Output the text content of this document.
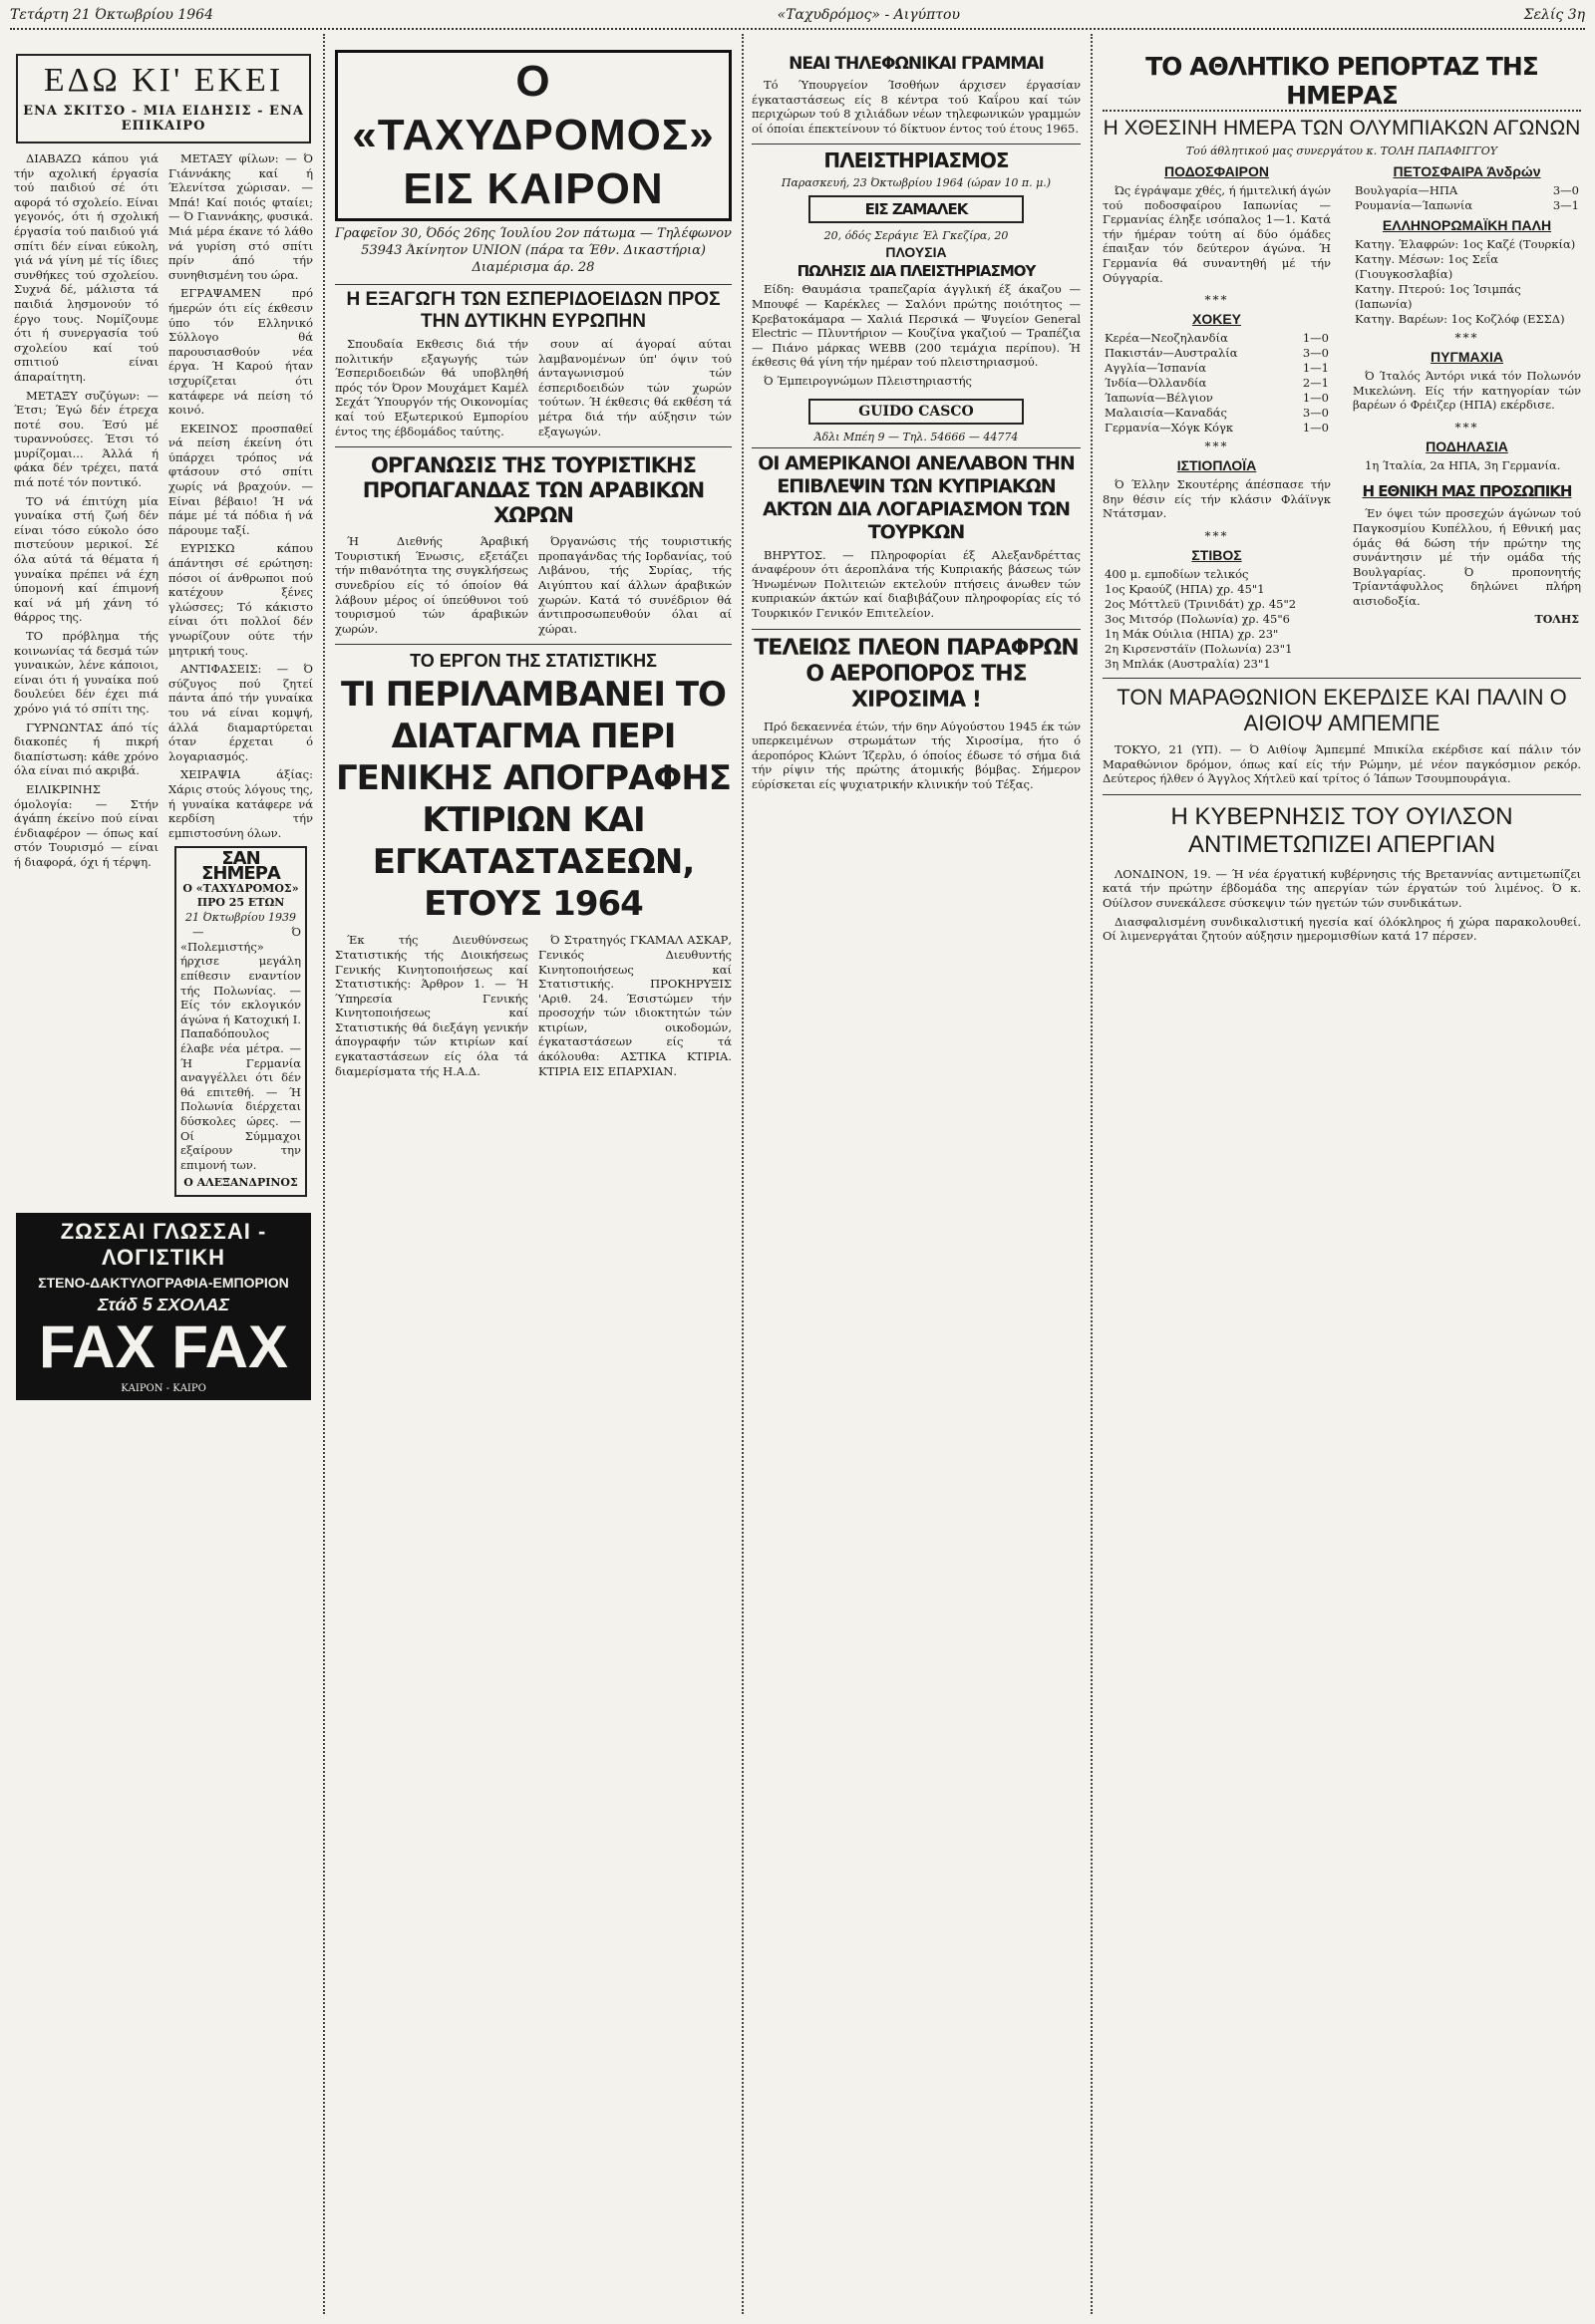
Τετάρτη 21 Όκτωβρίου 1964	«Ταχυδρόμος» - Αιγύπτου	Σελίς 3η
ΕΔΩ ΚΙ' ΕΚΕΙ
ΕΝΑ ΣΚΙΤΣΟ - ΜΙΑ ΕΙΔΗΣΙΣ - ΕΝΑ ΕΠΙΚΑΙΡΟ

ΔΙΑΒΑΖΩ κάπου γιά τήν αχολική έργασία τού παιδιού σέ ότι αφορά τό σχολείο. Είναι γεγονός, ότι ή σχολική έργασία τού παιδιού γιά σπίτι δέν είναι εύκολη, γιά νά γίνη μέ τίς ίδιες συνθήκες τού σχολείου. Συχνά δέ, μάλιστα τά παιδιά λησμονούν τό έργο τους. Νομίζουμε ότι ή συνεργασία τού σχολείου καί τού σπιτιού είναι άπαραίτητη.

ΜΕΤΑΞΥ συζύγων: — Έτσι; Έγώ δέν έτρεχα ποτέ σου. Έσύ μέ τυραννούσες. Έτσι τό μυρίζομαι... Άλλά ή φάκα δέν τρέχει, πατά πιά ποτέ τόν ποντικό.

ΤΟ νά έπιτύχη μία γυναίκα στή ζωή δέν είναι τόσο εύκολο όσο πιστεύουν μερικοί. Σέ όλα αύτά τά θέματα ή γυναίκα πρέπει νά έχη ύπομονή καί έπιμονή καί νά μή χάνη τό θάρρος της.

ΤΟ πρόβλημα τής κοινωνίας τά δεσμά τών γυναικών, λένε κάποιοι, είναι ότι ή γυναίκα πού δουλεύει δέν έχει πιά χρόνο γιά τό σπίτι της.

ΓΥΡΝΩΝΤΑΣ άπό τίς διακοπές ή πικρή διαπίστωση: κάθε χρόνο όλα είναι πιό ακριβά.

ΕΙΛΙΚΡΙΝΗΣ όμολογία: — Στήν άγάπη έκείνο πού είναι ένδιαφέρον — όπως καί στόν Τουρισμό — είναι ή διαφορά, όχι ή τέρψη.

ΜΕΤΑΞΥ φίλων: — Ό Γιάννάκης καί ή Έλενίτσα χώρισαν. — Μπά! Καί ποιός φταίει; — Ό Γιαννάκης, φυσικά. Μιά μέρα έκανε τό λάθο νά γυρίση στό σπίτι πρίν άπό τήν συνηθισμένη του ώρα.

ΕΓΡΑΨΑΜΕΝ πρό ήμερών ότι είς έκθεσιν ύπο τόν Ελληνικό Σύλλογο θά παρουσιασθούν νέα έργα. Ή Καρού ήταν ισχυρίζεται ότι κατάφερε νά πείση τό κοινό.

ΕΚΕΙΝΟΣ προσπαθεί νά πείση έκείνη ότι ύπάρχει τρόπος νά φτάσουν στό σπίτι χωρίς νά βραχούν. — Είναι βέβαιο! Ή νά πάμε μέ τά πόδια ή νά πάρουμε ταξί.

ΕΥΡΙΣΚΩ κάπου άπάντησι σέ ερώτηση: πόσοι οί άνθρωποι πού κατέχουν ξένες γλώσσες; Τό κάκιστο είναι ότι πολλοί δέν γνωρίζουν ούτε τήν μητρική τους.

ΑΝΤΙΦΑΣΕΙΣ: — Ό σύζυγος πού ζητεί πάντα άπό τήν γυναίκα του νά είναι κομψή, άλλά διαμαρτύρεται όταν έρχεται ό λογαριασμός.

ΧΕΙΡΑΨΙΑ άξίας: Χάρις στούς λόγους της, ή γυναίκα κατάφερε νά κερδίση τήν εμπιστοσύνη όλων.

ΣΑΝ ΣΗΜΕΡΑ
Ο «ΤΑΧΥΔΡΟΜΟΣ»
ΠΡΟ 25 ΕΤΩΝ
21 Όκτωβρίου 1939

— Ό «Πολεμιστής» ήρχισε μεγάλη επίθεσιν εναντίον τής Πολωνίας. — Είς τόν εκλογικόν άγώνα ή Κατοχική Ι. Παπαδόπουλος έλαβε νέα μέτρα. — Ή Γερμανία αναγγέλλει ότι δέν θά επιτεθή. — Ή Πολωνία διέρχεται δύσκολες ώρες. — Οί Σύμμαχοι εξαίρουν την επιμονή των.

Ο ΑΛΕΞΑΝΔΡΙΝΟΣ
ΖΩΣΣΑΙ ΓΛΩΣΣΑΙ - ΛΟΓΙΣΤΙΚΗ
ΣΤΕΝΟ-ΔΑΚΤΥΛΟΓΡΑΦΙΑ-ΕΜΠΟΡΙΟΝ
Στάδ 5 ΣΧΟΛΑΣ
FAX FAX
ΚΑΙΡΟΝ - ΚΑΙΡΟ
Ο «ΤΑΧΥΔΡΟΜΟΣ» ΕΙΣ ΚΑΙΡΟΝ
Γραφεῖον 30, Όδός 26ης Ίουλίου 2ον πάτωμα — Τηλέφωνον 53943 Άκίνητον UNION (πάρα τα Έθν. Δικαστήρια) Διαμέρισμα άρ. 28
Η ΕΞΑΓΩΓΗ ΤΩΝ ΕΣΠΕΡΙΔΟΕΙΔΩΝ ΠΡΟΣ ΤΗΝ ΔΥΤΙΚΗΝ ΕΥΡΩΠΗΝ

Σπουδαία Εκθεσις διά τήν πολιτικήν εξαγωγής τών Έσπεριδοειδών θά υποβληθή πρός τόν Όρον Μουχάμετ Καμέλ Σεχάτ Ύπουργόν τής Οικονομίας καί τού Εξωτερικού Εμπορίου έντος της έβδομάδος ταύτης.

σουν αί άγοραί αύται λαμβανομένων ύπ' όψιν τού άνταγωνισμού τών έσπεριδοειδών τών χωρών τούτων. Ή έκθεσις θά εκθέση τά μέτρα διά τήν αύξησιν τών εξαγωγών.

ΟΡΓΑΝΩΣΙΣ ΤΗΣ ΤΟΥΡΙΣΤΙΚΗΣ ΠΡΟΠΑΓΑΝΔΑΣ ΤΩΝ ΑΡΑΒΙΚΩΝ ΧΩΡΩΝ

Ή Διεθνής Άραβική Τουριστική Ένωσις, εξετάζει τήν πιθανότητα της συγκλήσεως συνεδρίου είς τό όποίον θά λάβουν μέρος οί ύπεύθυνοι τού τουρισμού τών άραβικών χωρών.

Όργανώσις τής τουριστικής προπαγάνδας τής Ιορδανίας, τού Λιβάνου, τής Συρίας, τής Αιγύπτου καί άλλων άραβικών χωρών. Κατά τό συνέδριον θά άντιπροσωπευθούν όλαι αί χώραι.

ΤΟ ΕΡΓΟΝ ΤΗΣ ΣΤΑΤΙΣΤΙΚΗΣ
ΤΙ ΠΕΡΙΛΑΜΒΑΝΕΙ ΤΟ ΔΙΑΤΑΓΜΑ ΠΕΡΙ ΓΕΝΙΚΗΣ ΑΠΟΓΡΑΦΗΣ ΚΤΙΡΙΩΝ ΚΑΙ ΕΓΚΑΤΑΣΤΑΣΕΩΝ, ΕΤΟΥΣ 1964

Έκ τής Διευθύνσεως Στατιστικής τής Διοικήσεως Γενικής Κινητοποιήσεως καί Στατιστικής: Άρθρον 1. — Ή Ύπηρεσία Γενικής Κινητοποιήσεως καί Στατιστικής θά διεξάγη γενικήν άπογραφήν τών κτιρίων καί εγκαταστάσεων είς όλα τά διαμερίσματα τής Η.Α.Δ.

Ό Στρατηγός ΓΚΑΜΑΛ ΑΣΚΑΡ, Γενικός Διευθυντής Κινητοποιήσεως καί Στατιστικής. ΠΡΟΚΗΡΥΞΙΣ 'Αριθ. 24. Έσιστώμεν τήν προσοχήν τών ιδιοκτητών τών κτιρίων, οικοδομών, έγκαταστάσεων είς τά άκόλουθα: ΑΣΤΙΚΑ ΚΤΙΡΙΑ. ΚΤΙΡΙΑ ΕΙΣ ΕΠΑΡΧΙΑΝ.

ΝΕΑΙ ΤΗΛΕΦΩΝΙΚΑΙ ΓΡΑΜΜΑΙ

Τό Ύπουργείον Ίσοθήων άρχισεν έργασίαν έγκαταστάσεως είς 8 κέντρα τού Καΐρου καί τών περιχώρων τού 8 χιλιάδων νέων τηλεφωνικών γραμμών οί όποίαι έπεκτείνουν τό δίκτυον έντος τού έτους 1965.

ΠΛΕΙΣΤΗΡΙΑΣΜΟΣ
Παρασκευή, 23 Όκτωβρίου 1964 (ώραν 10 π. μ.)
ΕΙΣ ΖΑΜΑΛΕΚ
20, όδός Σεράγιε Έλ Γκεζίρα, 20
ΠΛΟΥΣΙΑ
ΠΩΛΗΣΙΣ ΔΙΑ ΠΛΕΙΣΤΗΡΙΑΣΜΟΥ

Είδη: Θαυμάσια τραπεζαρία άγγλική έξ άκαζου — Μπουφέ — Καρέκλες — Σαλόνι πρώτης ποιότητος — Κρεβατοκάμαρα — Χαλιά Περσικά — Ψυγείον General Electric — Πλυντήριον — Κουζίνα γκαζιού — Τραπέζια — Πιάνο μάρκας WEBB (200 τεμάχια περίπου). Ή έκθεσις θά γίνη τήν ημέραν τού πλειστηριασμού.

Ό Έμπειρογνώμων Πλειστηριαστής

GUIDO CASCO
Άδλι Μπέη 9 — Τηλ. 54666 — 44774
ΟΙ ΑΜΕΡΙΚΑΝΟΙ ΑΝΕΛΑΒΟΝ ΤΗΝ ΕΠΙΒΛΕΨΙΝ ΤΩΝ ΚΥΠΡΙΑΚΩΝ ΑΚΤΩΝ ΔΙΑ ΛΟΓΑΡΙΑΣΜΟΝ ΤΩΝ ΤΟΥΡΚΩΝ

ΒΗΡΥΤΟΣ. — Πληροφορίαι έξ Αλεξανδρέττας άναφέρουν ότι άεροπλάνα τής Κυπριακής βάσεως τών Ήνωμένων Πολιτειών εκτελούν πτήσεις άνωθεν τών κυπριακών άκτών καί διαβιβάζουν πληροφορίας είς τό Τουρκικόν Γενικόν Επιτελείον.

ΤΕΛΕΙΩΣ ΠΛΕΟΝ ΠΑΡΑΦΡΩΝ Ο ΑΕΡΟΠΟΡΟΣ ΤΗΣ ΧΙΡΟΣΙΜΑ !

Πρό δεκαεννέα έτών, τήν 6ην Αύγούστου 1945 έκ τών υπερκειμένων στρωμάτων τής Χιροσίμα, ήτο ό άεροπόρος Κλώντ Ίζερλυ, ό όποίος έδωσε τό σήμα διά τήν ρίψιν τής πρώτης άτομικής βόμβας. Σήμερον εύρίσκεται είς ψυχιατρικήν κλινικήν τού Τέξας.

ΤΟ ΑΘΛΗΤΙΚΟ ΡΕΠΟΡΤΑΖ ΤΗΣ ΗΜΕΡΑΣ
Η ΧΘΕΣΙΝΗ ΗΜΕΡΑ ΤΩΝ ΟΛΥΜΠΙΑΚΩΝ ΑΓΩΝΩΝ
Τού άθλητικού μας συνεργάτου κ. ΤΟΛΗ ΠΑΠΑΦΙΓΓΟΥ
ΠΟΔΟΣΦΑΙΡΟΝ

Ώς έγράψαμε χθές, ή ήμιτελική άγών τού ποδοσφαίρου Ιαπωνίας — Γερμανίας έληξε ισόπαλος 1—1. Κατά τήν ήμέραν τούτη αί δύο όμάδες έπαιξαν τόν δεύτερον άγώνα. Ή Γερμανία θά συναντηθή μέ τήν Ούγγαρία.

***
ΧΟΚΕΥ
Κερέα—Νεοζηλανδία	1—0
Πακιστάν—Αυστραλία	3—0
Αγγλία—Ίσπανία	1—1
Ίνδία—Όλλανδία	2—1
Ίαπωνία—Βέλγιον	1—0
Μαλαισία—Καναδάς	3—0
Γερμανία—Χόγκ Κόγκ	1—0
***
ΙΣΤΙΟΠΛΟΪΑ

Ό Έλλην Σκουτέρης άπέσπασε τήν 8ην θέσιν είς τήν κλάσιν Φλάϊνγκ Ντάτσμαν.

***
ΣΤΙΒΟΣ
400 μ. εμποδίων τελικός
1ος Κραούζ (ΗΠΑ) χρ. 45"1
2ος Μόττλεϋ (Τρινιδάτ) χρ. 45"2
3ος Μιτσόρ (Πολωνία) χρ. 45"6
1η Μάκ Ούιλια (ΗΠΑ) χρ. 23"
2η Κιρσενστάϊν (Πολωνία) 23"1
3η Μπλάκ (Αυστραλία) 23"1
ΠΕΤΟΣΦΑΙΡΑ Άνδρών
Βουλγαρία—ΗΠΑ	3—0
Ρουμανία—Ίαπωνία	3—1
ΕΛΛΗΝΟΡΩΜΑΪΚΗ ΠΑΛΗ
Κατηγ. Έλαφρών: 1ος Καζέ (Τουρκία)
Κατηγ. Μέσων: 1ος Σεΐα (Γιουγκοσλαβία)
Κατηγ. Πτερού: 1ος Ίσιμπάς (Ιαπωνία)
Κατηγ. Βαρέων: 1ος Κοζλόφ (ΕΣΣΔ)
***
ΠΥΓΜΑΧΙΑ

Ό Ίταλός Άντόρι νικά τόν Πολωνόν Μικελώνη. Είς τήν κατηγορίαν τών βαρέων ό Φρέιζερ (ΗΠΑ) εκέρδισε.

***
ΠΟΔΗΛΑΣΙΑ

1η Ίταλία, 2α ΗΠΑ, 3η Γερμανία.

Η ΕΘΝΙΚΗ ΜΑΣ ΠΡΟΣΩΠΙΚΗ

Έν όψει τών προσεχών άγώνων τού Παγκοσμίου Κυπέλλου, ή Εθνική μας όμάς θά δώση τήν πρώτην της συνάντησιν μέ τήν ομάδα τής Βουλγαρίας. Ό προπονητής Τρίαντάφυλλος δηλώνει πλήρη αισιοδοξία.

ΤΟΛΗΣ
ΤΟΝ ΜΑΡΑΘΩΝΙΟΝ ΕΚΕΡΔΙΣΕ ΚΑΙ ΠΑΛΙΝ Ο ΑΙΘΙΟΨ ΑΜΠΕΜΠΕ

ΤΟΚΥΟ, 21 (ΥΠ). — Ό Αιθίοψ Άμπεμπέ Μπικίλα εκέρδισε καί πάλιν τόν Μαραθώνιον δρόμον, όπως καί είς τήν Ρώμην, μέ νέον παγκόσμιον ρεκόρ. Δεύτερος ήλθεν ό Άγγλος Χήτλεϋ καί τρίτος ό Ίάπων Τσουμπουράγια.

Η ΚΥΒΕΡΝΗΣΙΣ ΤΟΥ ΟΥΙΛΣΟΝ ΑΝΤΙΜΕΤΩΠΙΖΕΙ ΑΠΕΡΓΙΑΝ

ΛΟΝΔΙΝΟΝ, 19. — Ή νέα έργατική κυβέρνησις τής Βρεταννίας αντιμετωπίζει κατά τήν πρώτην έβδομάδα της απεργίαν τών έργατών τού λιμένος. Ό κ. Ούίλσον συνεκάλεσε σύσκεψιν τών ηγετών τών συνδικάτων.

Διασφαλισμένη συνδικαλιστική ηγεσία καί όλόκληρος ή χώρα παρακολουθεί. Οί λιμενεργάται ζητούν αύξησιν ημερομισθίων κατά 17 πέρσεν.
